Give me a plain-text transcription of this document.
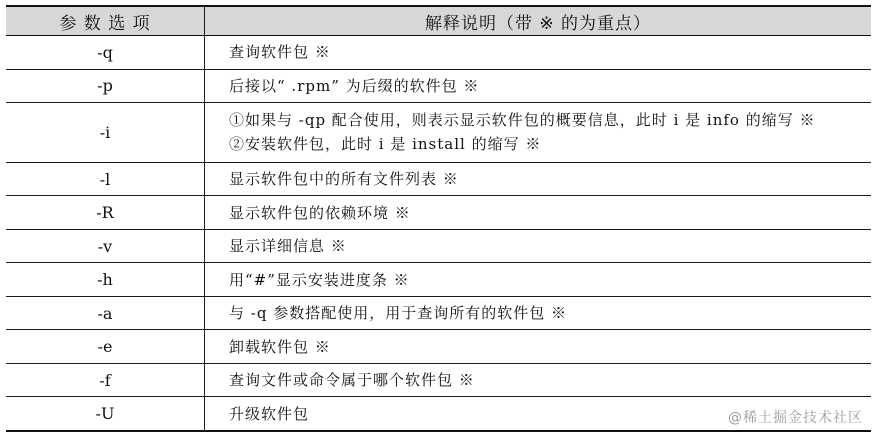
参 数 选 项	解释说明（带 ※ 的为重点）
-q	查询软件包 ※
-p	后接以“ .rpm” 为后缀的软件包 ※
-i	①如果与 -qp 配合使用，则表示显示软件包的概要信息，此时 i 是 info 的缩写 ※
②安装软件包，此时 i 是 install 的缩写 ※

-l	显示软件包中的所有文件列表 ※
-R	显示软件包的依赖环境 ※
-v	显示详细信息 ※
-h	用“#”显示安装进度条 ※
-a	与 -q 参数搭配使用，用于查询所有的软件包 ※
-e	卸载软件包 ※
-f	查询文件或命令属于哪个软件包 ※
-U	升级软件包	@稀土掘金技术社区
